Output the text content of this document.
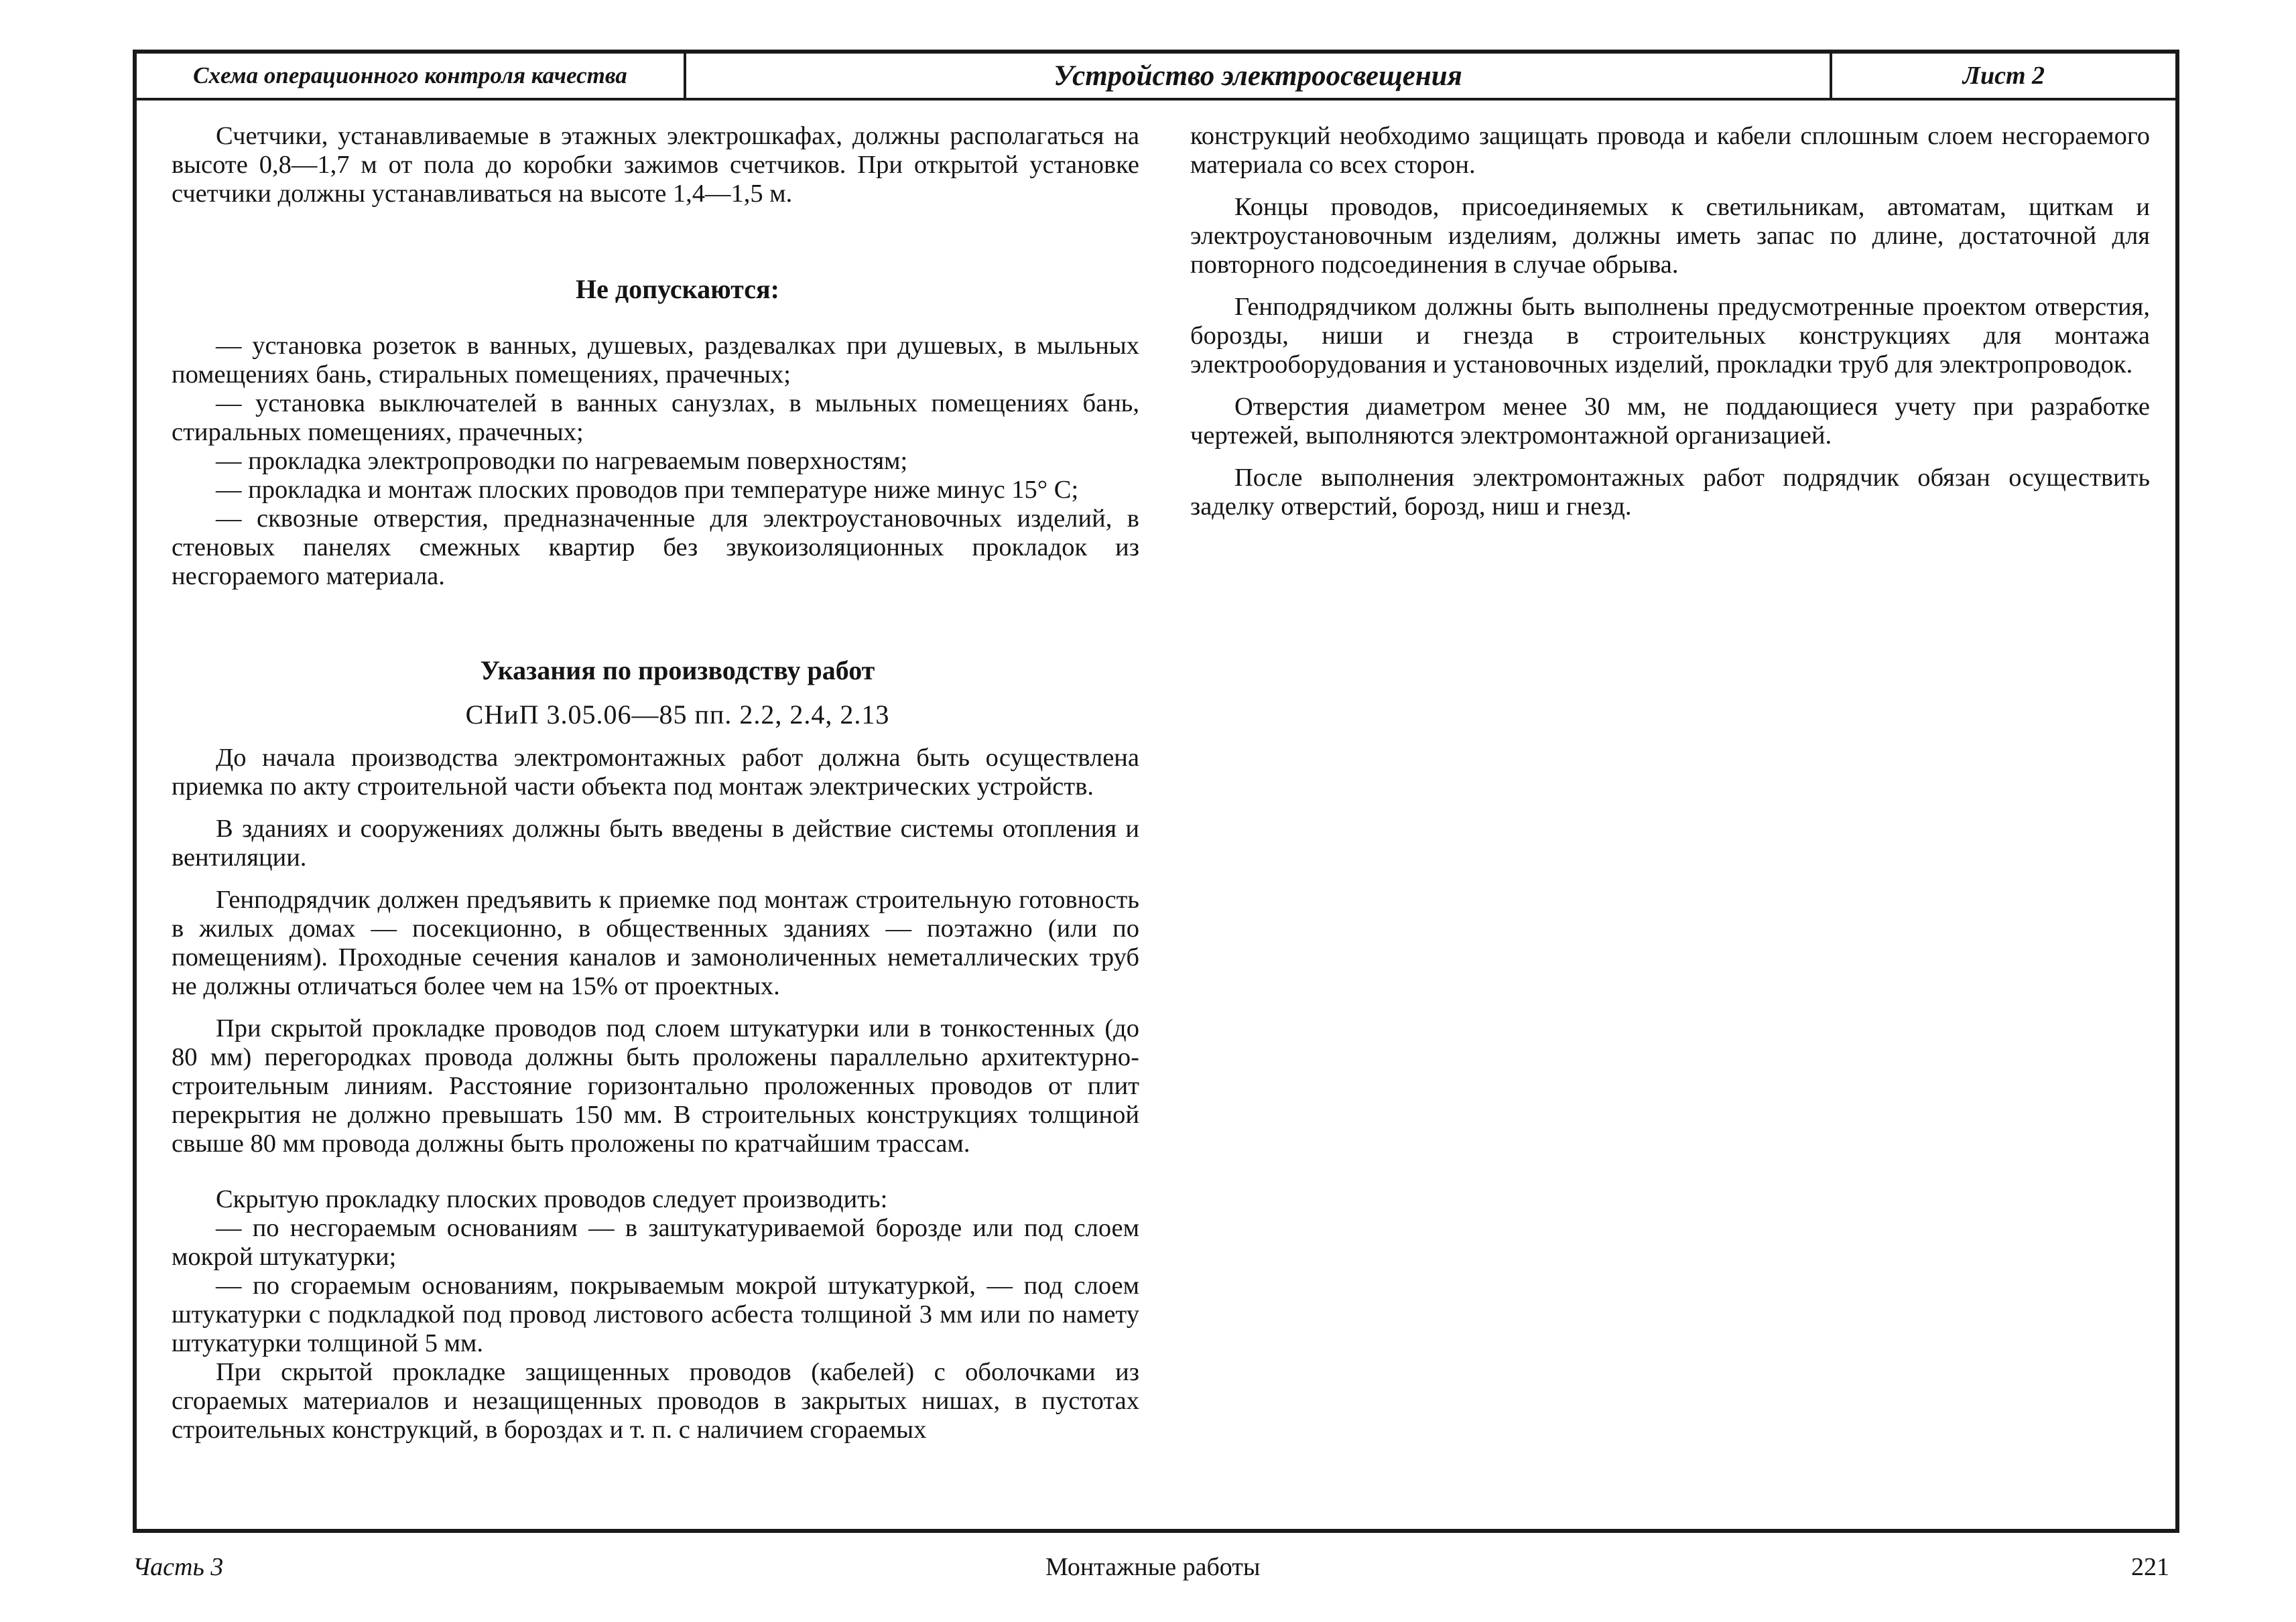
Схема операционного контроля качества	Устройство электроосвещения	Лист 2

Счетчики, устанавливаемые в этажных электрошкафах, должны располагаться на высоте 0,8—1,7 м от пола до коробки зажимов счетчиков. При открытой установке счетчики должны устанавливаться на высоте 1,4—1,5 м.

Не допускаются:

— установка розеток в ванных, душевых, раздевалках при душевых, в мыльных помещениях бань, стиральных помещениях, прачечных;

— установка выключателей в ванных санузлах, в мыльных помещениях бань, стиральных помещениях, прачечных;

— прокладка электропроводки по нагреваемым поверхностям;

— прокладка и монтаж плоских проводов при температуре ниже минус 15° С;

— сквозные отверстия, предназначенные для электроустановочных изделий, в стеновых панелях смежных квартир без звукоизоляционных прокладок из несгораемого материала.

Указания по производству работ

СНиП 3.05.06—85 пп. 2.2, 2.4, 2.13

До начала производства электромонтажных работ должна быть осуществлена приемка по акту строительной части объекта под монтаж электрических устройств.

В зданиях и сооружениях должны быть введены в действие системы отопления и вентиляции.

Генподрядчик должен предъявить к приемке под монтаж строительную готовность в жилых домах — посекционно, в общественных зданиях — поэтажно (или по помещениям). Проходные сечения каналов и замоноличенных неметаллических труб не должны отличаться более чем на 15% от проектных.

При скрытой прокладке проводов под слоем штукатурки или в тонкостенных (до 80 мм) перегородках провода должны быть проложены параллельно архитектурно-строительным линиям. Расстояние горизонтально проложенных проводов от плит перекрытия не должно превышать 150 мм. В строительных конструкциях толщиной свыше 80 мм провода должны быть проложены по кратчайшим трассам.

Скрытую прокладку плоских проводов следует производить:

— по несгораемым основаниям — в заштукатуриваемой борозде или под слоем мокрой штукатурки;

— по сгораемым основаниям, покрываемым мокрой штукатуркой, — под слоем штукатурки с подкладкой под провод листового асбеста толщиной 3 мм или по намету штукатурки толщиной 5 мм.

При скрытой прокладке защищенных проводов (кабелей) с оболочками из сгораемых материалов и незащищенных проводов в закрытых нишах, в пустотах строительных конструкций, в бороздах и т. п. с наличием сгораемых

конструкций необходимо защищать провода и кабели сплошным слоем несгораемого материала со всех сторон.

Концы проводов, присоединяемых к светильникам, автоматам, щиткам и электроустановочным изделиям, должны иметь запас по длине, достаточной для повторного подсоединения в случае обрыва.

Генподрядчиком должны быть выполнены предусмотренные проектом отверстия, борозды, ниши и гнезда в строительных конструкциях для монтажа электрооборудования и установочных изделий, прокладки труб для электропроводок.

Отверстия диаметром менее 30 мм, не поддающиеся учету при разработке чертежей, выполняются электромонтажной организацией.

После выполнения электромонтажных работ подрядчик обязан осуществить заделку отверстий, борозд, ниш и гнезд.

Часть 3	Монтажные работы	221
